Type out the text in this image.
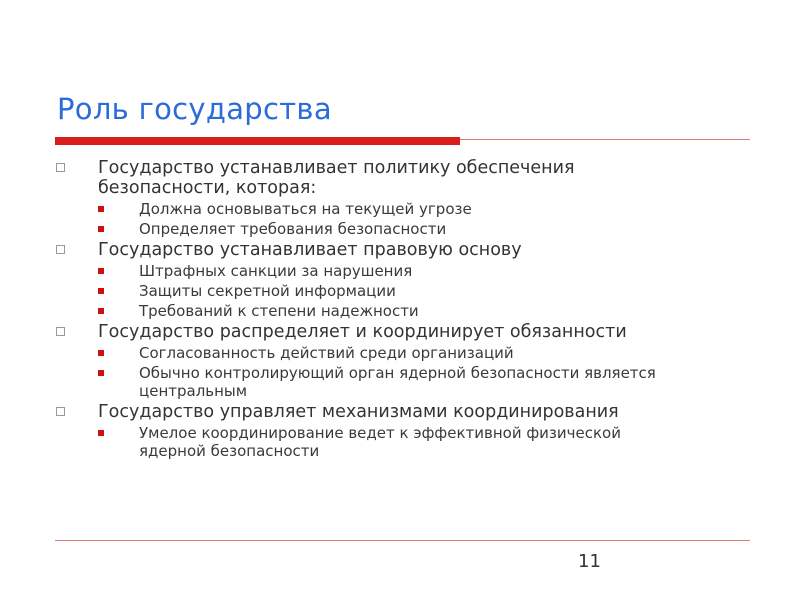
Роль государства
Государство устанавливает политику обеспечения
безопасности, которая:
Должна основываться на текущей угрозе
Определяет требования безопасности
Государство устанавливает правовую основу
Штрафных санкции за нарушения
Защиты секретной информации
Требований к степени надежности
Государство распределяет и координирует обязанности
Согласованность действий среди организаций
Обычно контролирующий орган ядерной безопасности является
центральным
Государство управляет механизмами координирования
Умелое координирование ведет к эффективной физической
ядерной безопасности
11
